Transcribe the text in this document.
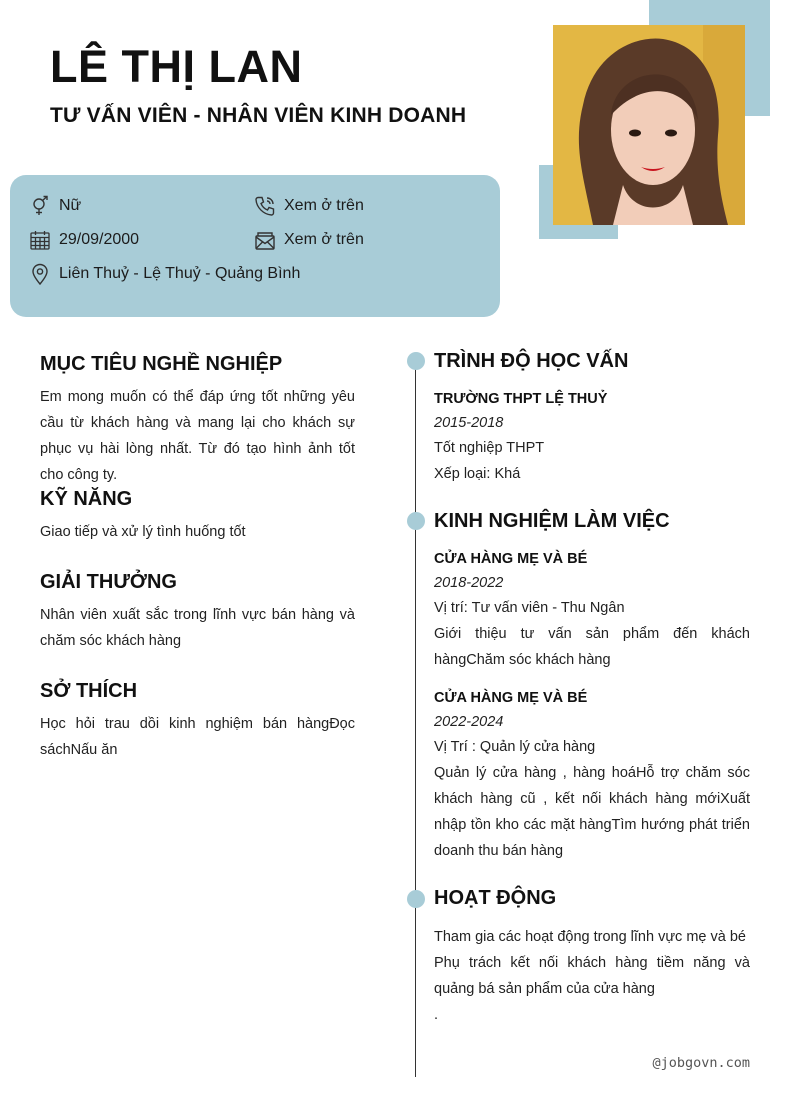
LÊ THỊ LAN
TƯ VẤN VIÊN - NHÂN VIÊN KINH DOANH
Nữ
29/09/2000
Liên Thuỷ - Lệ Thuỷ - Quảng Bình
Xem ở trên
Xem ở trên
MỤC TIÊU NGHỀ NGHIỆP
Em mong muốn có thể đáp ứng tốt những yêu cầu từ khách hàng và mang lại cho khách sự phục vụ hài lòng nhất. Từ đó tạo hình ảnh tốt cho công ty.
KỸ NĂNG
Giao tiếp và xử lý tình huống tốt
GIẢI THƯỞNG
Nhân viên xuất sắc trong lĩnh vực bán hàng và chăm sóc khách hàng
SỞ THÍCH
Học hỏi trau dồi kinh nghiệm bán hàngĐọc sáchNấu ăn
TRÌNH ĐỘ HỌC VẤN
TRƯỜNG THPT LỆ THUỶ
2015-2018
Tốt nghiệp THPT
Xếp loại: Khá
KINH NGHIỆM LÀM VIỆC
CỬA HÀNG MẸ VÀ BÉ
2018-2022
Vị trí: Tư vấn viên - Thu Ngân
Giới thiệu tư vấn sản phẩm đến khách hàngChăm sóc khách hàng
CỬA HÀNG MẸ VÀ BÉ
2022-2024
Vị Trí : Quản lý cửa hàng
Quản lý cửa hàng , hàng hoáHỗ trợ chăm sóc khách hàng cũ , kết nối khách hàng mớiXuất nhập tồn kho các mặt hàngTìm hướng phát triển doanh thu bán hàng
HOẠT ĐỘNG
Tham gia các hoạt động trong lĩnh vực mẹ và bé
Phụ trách kết nối khách hàng tiềm năng và quảng bá sản phẩm của cửa hàng
.
@jobgovn.com
